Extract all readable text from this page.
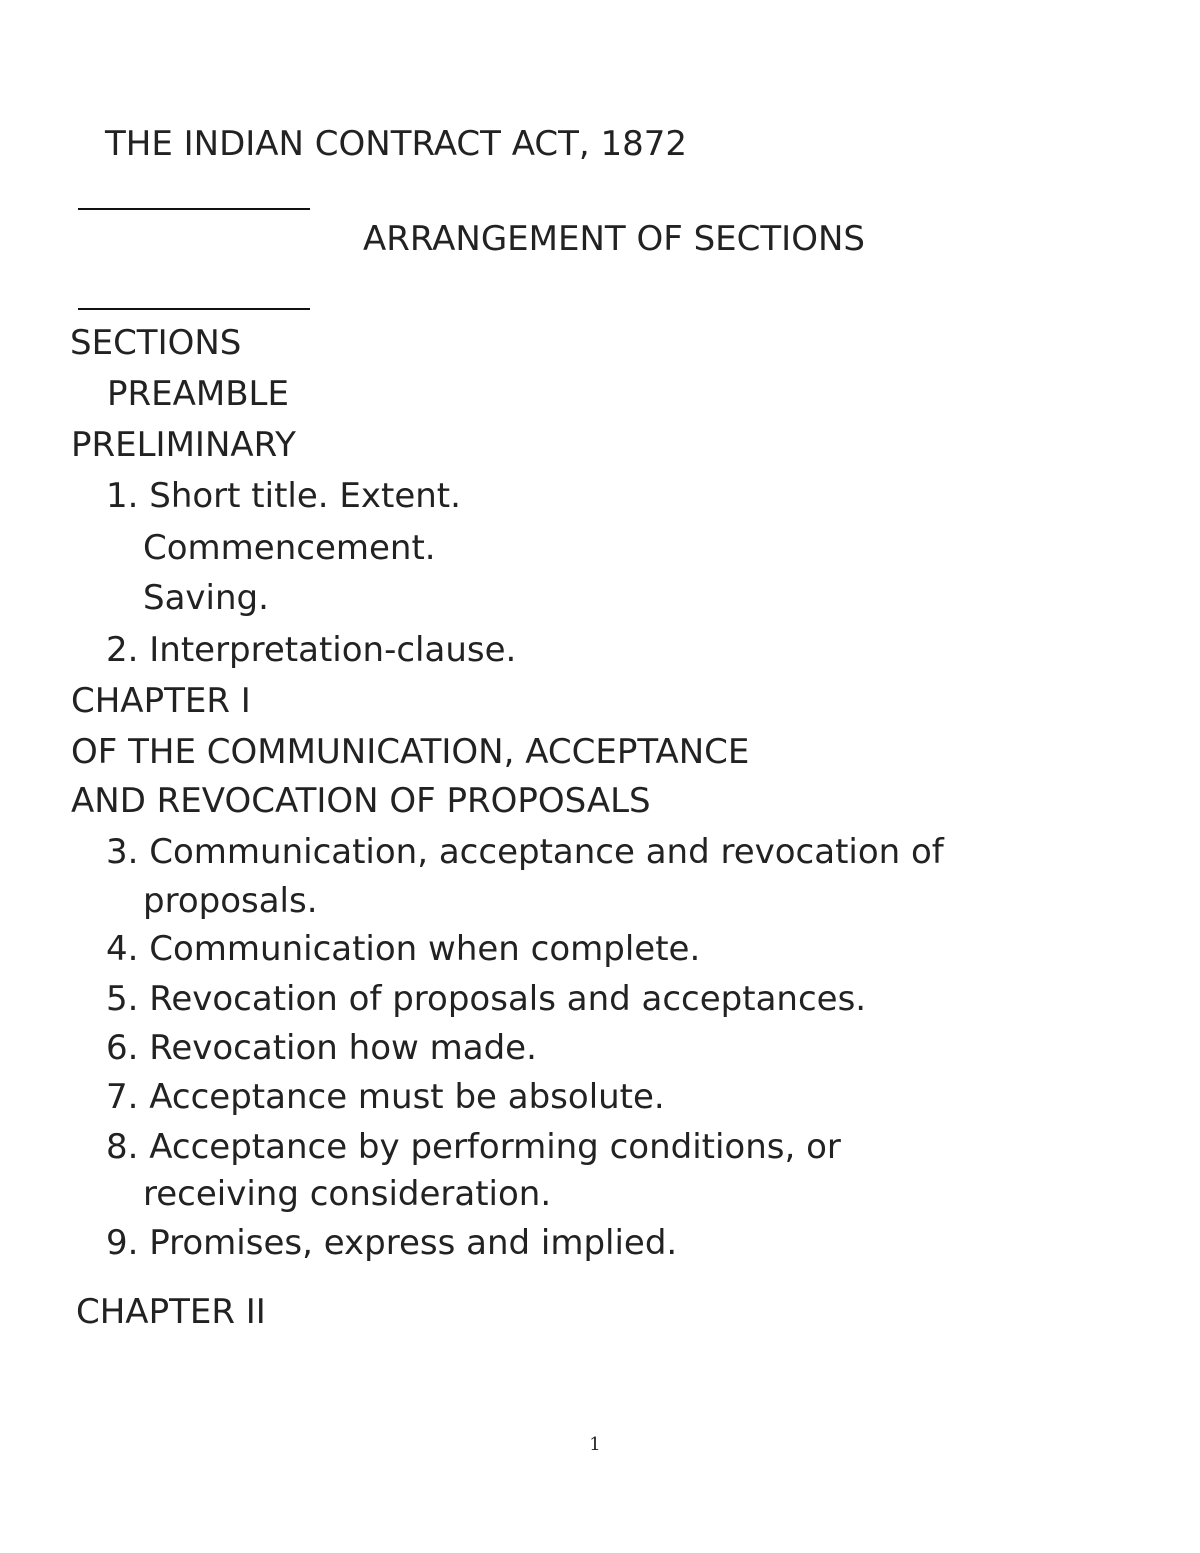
THE INDIAN CONTRACT ACT, 1872
ARRANGEMENT OF SECTIONS
SECTIONS
PREAMBLE
PRELIMINARY
1. Short title. Extent.
Commencement.
Saving.
2. Interpretation-clause.
CHAPTER I
OF THE COMMUNICATION, ACCEPTANCE
AND REVOCATION OF PROPOSALS
3. Communication, acceptance and revocation of
proposals.
4. Communication when complete.
5. Revocation of proposals and acceptances.
6. Revocation how made.
7. Acceptance must be absolute.
8. Acceptance by performing conditions, or
receiving consideration.
9. Promises, express and implied.
CHAPTER II
1
